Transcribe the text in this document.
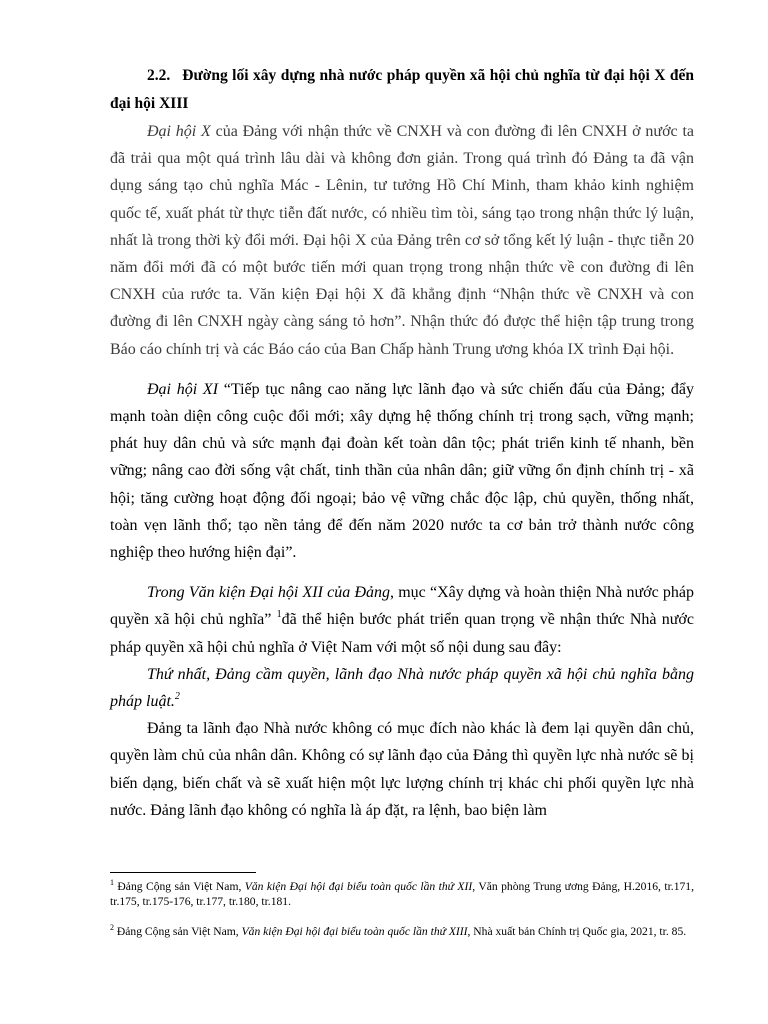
2.2. Đường lối xây dựng nhà nước pháp quyền xã hội chủ nghĩa từ đại hội X đến đại hội XIII

Đại hội X của Đảng với nhận thức về CNXH và con đường đi lên CNXH ở nước ta đã trải qua một quá trình lâu dài và không đơn giản. Trong quá trình đó Đảng ta đã vận dụng sáng tạo chủ nghĩa Mác - Lênin, tư tưởng Hồ Chí Minh, tham khảo kinh nghiệm quốc tế, xuất phát từ thực tiễn đất nước, có nhiều tìm tòi, sáng tạo trong nhận thức lý luận, nhất là trong thời kỳ đổi mới. Đại hội X của Đảng trên cơ sở tổng kết lý luận - thực tiễn 20 năm đổi mới đã có một bước tiến mới quan trọng trong nhận thức về con đường đi lên CNXH của rước ta. Văn kiện Đại hội X đã khẳng định “Nhận thức về CNXH và con đường đi lên CNXH ngày càng sáng tỏ hơn”. Nhận thức đó được thể hiện tập trung trong Báo cáo chính trị và các Báo cáo của Ban Chấp hành Trung ương khóa IX trình Đại hội.

Đại hội XI “Tiếp tục nâng cao năng lực lãnh đạo và sức chiến đấu của Đảng; đẩy mạnh toàn diện công cuộc đổi mới; xây dựng hệ thống chính trị trong sạch, vững mạnh; phát huy dân chủ và sức mạnh đại đoàn kết toàn dân tộc; phát triển kinh tế nhanh, bền vững; nâng cao đời sống vật chất, tinh thần của nhân dân; giữ vững ổn định chính trị - xã hội; tăng cường hoạt động đối ngoại; bảo vệ vững chắc độc lập, chủ quyền, thống nhất, toàn vẹn lãnh thổ; tạo nền tảng để đến năm 2020 nước ta cơ bản trở thành nước công nghiệp theo hướng hiện đại”.

Trong Văn kiện Đại hội XII của Đảng, mục “Xây dựng và hoàn thiện Nhà nước pháp quyền xã hội chủ nghĩa” $^1$đã thể hiện bước phát triển quan trọng về nhận thức Nhà nước pháp quyền xã hội chủ nghĩa ở Việt Nam với một số nội dung sau đây:

Thứ nhất, Đảng cầm quyền, lãnh đạo Nhà nước pháp quyền xã hội chủ nghĩa bằng pháp luật.$^2$

Đảng ta lãnh đạo Nhà nước không có mục đích nào khác là đem lại quyền dân chủ, quyền làm chủ của nhân dân. Không có sự lãnh đạo của Đảng thì quyền lực nhà nước sẽ bị biến dạng, biến chất và sẽ xuất hiện một lực lượng chính trị khác chi phối quyền lực nhà nước. Đảng lãnh đạo không có nghĩa là áp đặt, ra lệnh, bao biện làm

$^1$ Đảng Cộng sản Việt Nam, Văn kiện Đại hội đại biểu toàn quốc lần thứ XII, Văn phòng Trung ương Đảng, H.2016, tr.171, tr.175, tr.175-176, tr.177, tr.180, tr.181.

$^2$ Đảng Cộng sản Việt Nam, Văn kiện Đại hội đại biểu toàn quốc lần thứ XIII, Nhà xuất bản Chính trị Quốc gia, 2021, tr. 85.
